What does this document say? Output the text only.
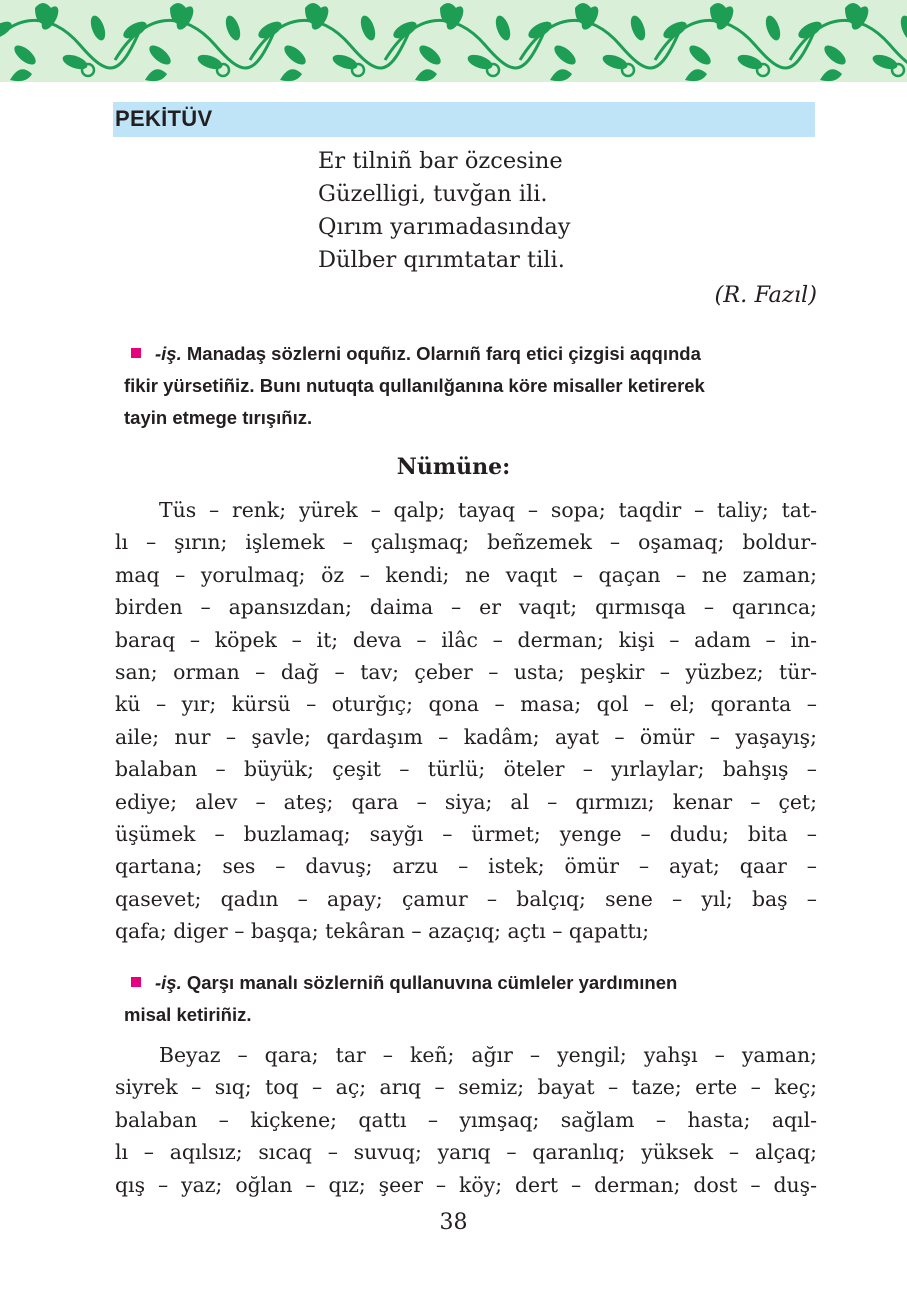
PEKİTÜV
Er tilniñ bar özcesine
Güzelligi, tuvğan ili.
Qırım yarımadasınday
Dülber qırımtatar tili.
(R. Fazıl)
-iş. Manadaş sözlerni oquñız. Olarnıñ farq etici çizgisi aqqında
fikir yürsetiñiz. Bunı nutuqta qullanılğanına köre misaller ketirerek
tayin etmege tırışıñız.
Nümüne:
Tüs – renk; yürek – qalp; tayaq – sopa; taqdir – taliy; tat-
lı – şırın; işlemek – çalışmaq; beñzemek – oşamaq; boldur-
maq – yorulmaq; öz – kendi; ne vaqıt – qaçan – ne zaman;
birden – apansızdan; daima – er vaqıt; qırmısqa – qarınca;
baraq – köpek – it; deva – ilâc – derman; kişi – adam – in-
san; orman – dağ – tav; çeber – usta; peşkir – yüzbez; tür-
kü – yır; kürsü – oturğıç; qona – masa; qol – el; qoranta –
aile; nur – şavle; qardaşım – kadâm; ayat – ömür – yaşayış;
balaban – büyük; çeşit – türlü; öteler – yırlaylar; bahşış –
ediye; alev – ateş; qara – siya; al – qırmızı; kenar – çet;
üşümek – buzlamaq; sayğı – ürmet; yenge – dudu; bita –
qartana; ses – davuş; arzu – istek; ömür – ayat; qaar –
qasevet; qadın – apay; çamur – balçıq; sene – yıl; baş –
qafa; diger – başqa; tekâran – azaçıq; açtı – qapattı;
-iş. Qarşı manalı sözlerniñ qullanuvına cümleler yardımınen
misal ketiriñiz.
Beyaz – qara; tar – keñ; ağır – yengil; yahşı – yaman;
siyrek – sıq; toq – aç; arıq – semiz; bayat – taze; erte – keç;
balaban – kiçkene; qattı – yımşaq; sağlam – hasta; aqıl-
lı – aqılsız; sıcaq – suvuq; yarıq – qaranlıq; yüksek – alçaq;
qış – yaz; oğlan – qız; şeer – köy; dert – derman; dost – duş-
38
